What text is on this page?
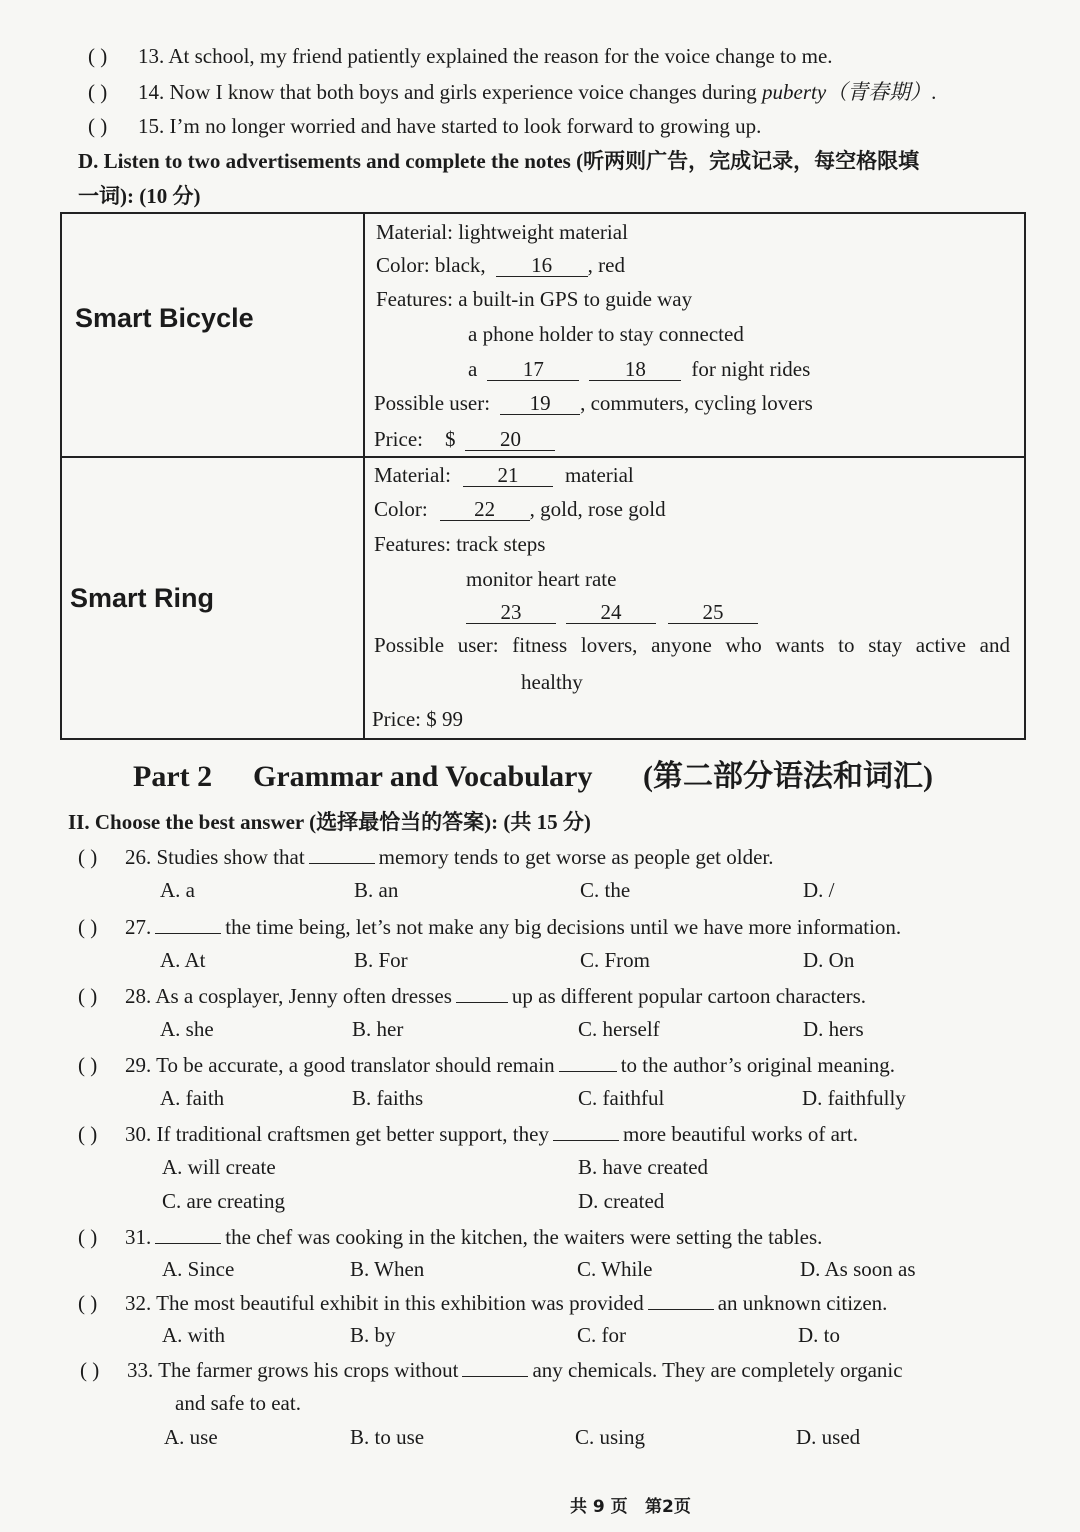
( ) 13. At school, my friend patiently explained the reason for the voice change to me.
( ) 14. Now I know that both boys and girls experience voice changes during puberty（青春期）.
( ) 15. I’m no longer worried and have started to look forward to growing up.
D. Listen to two advertisements and complete the notes (听两则广告，完成记录，每空格限填
一词): (10 分)
Smart Bicycle
Material: lightweight material
Color: black, 16 , red
Features: a built-in GPS to guide way
a phone holder to stay connected
a 17	18 for night rides
Possible user: 19 , commuters, cycling lovers
Price: $ 20
Smart Ring
Material: 21 material
Color: 22 , gold, rose gold
Features: track steps
monitor heart rate
23	24	25
Possible user: fitness lovers, anyone who wants to stay active and
healthy
Price: $ 99
Part 2 Grammar and Vocabulary (第二部分语法和词汇)
II. Choose the best answer (选择最恰当的答案): (共 15 分)
( ) 26. Studies show that	memory tends to get worse as people get older.
A. a	B. an	C. the	D. /
( ) 27.	the time being, let’s not make any big decisions until we have more information.
A. At	B. For	C. From	D. On
( ) 28. As a cosplayer, Jenny often dresses	up as different popular cartoon characters.
A. she	B. her	C. herself	D. hers
( ) 29. To be accurate, a good translator should remain	to the author’s original meaning.
A. faith	B. faiths	C. faithful	D. faithfully
( ) 30. If traditional craftsmen get better support, they	more beautiful works of art.
A. will create	B. have created
C. are creating	D. created
( ) 31.	the chef was cooking in the kitchen, the waiters were setting the tables.
A. Since	B. When	C. While	D. As soon as
( ) 32. The most beautiful exhibit in this exhibition was provided	an unknown citizen.
A. with	B. by	C. for	D. to
( ) 33. The farmer grows his crops without	any chemicals. They are completely organic
and safe to eat.
A. use	B. to use	C. using	D. used
共 9 页 第2页
